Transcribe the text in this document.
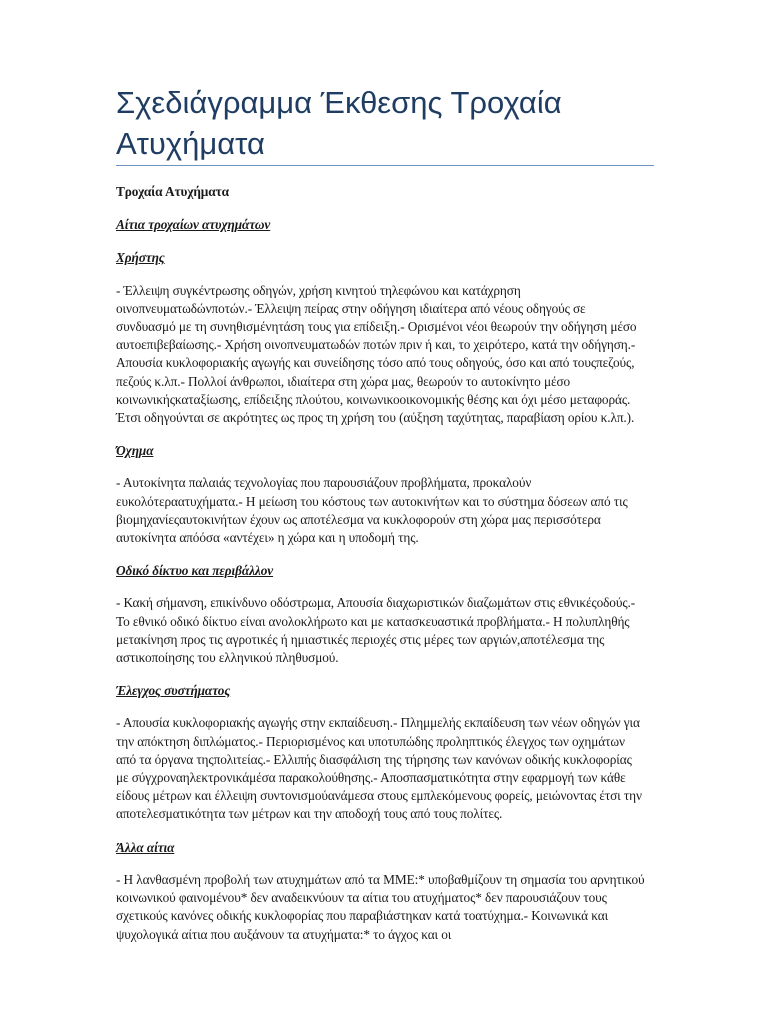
Σχεδιάγραμμα Έκθεσης Τροχαία Ατυχήματα

Τροχαία Ατυχήματα

Αίτια τροχαίων ατυχημάτων

Χρήστης

- Έλλειψη συγκέντρωσης οδηγών, χρήση κινητού τηλεφώνου και κατάχρηση οινοπνευματωδώνποτών.- Έλλειψη πείρας στην οδήγηση ιδιαίτερα από νέους οδηγούς σε συνδυασμό με τη συνηθισμένητάση τους για επίδειξη.- Ορισμένοι νέοι θεωρούν την οδήγηση μέσο αυτοεπιβεβαίωσης.- Χρήση οινοπνευματωδών ποτών πριν ή και, το χειρότερο, κατά την οδήγηση.- Απουσία κυκλοφοριακής αγωγής και συνείδησης τόσο από τους οδηγούς, όσο και από τουςπεζούς, πεζούς κ.λπ.- Πολλοί άνθρωποι, ιδιαίτερα στη χώρα μας, θεωρούν το αυτοκίνητο μέσο κοινωνικήςκαταξίωσης, επίδειξης πλούτου, κοινωνικοοικονομικής θέσης και όχι μέσο μεταφοράς. Έτσι οδηγούνται σε ακρότητες ως προς τη χρήση του (αύξηση ταχύτητας, παραβίαση ορίου κ.λπ.).

Όχημα

- Αυτοκίνητα παλαιάς τεχνολογίας που παρουσιάζουν προβλήματα, προκαλούν ευκολότεραατυχήματα.- Η μείωση του κόστους των αυτοκινήτων και το σύστημα δόσεων από τις βιομηχανίεςαυτοκινήτων έχουν ως αποτέλεσμα να κυκλοφορούν στη χώρα μας περισσότερα αυτοκίνητα απόόσα «αντέχει» η χώρα και η υποδομή της.

Οδικό δίκτυο και περιβάλλον

- Κακή σήμανση, επικίνδυνο οδόστρωμα, Απουσία διαχωριστικών διαζωμάτων στις εθνικέςοδούς.- Το εθνικό οδικό δίκτυο είναι ανολοκλήρωτο και με κατασκευαστικά προβλήματα.- Η πολυπληθής μετακίνηση προς τις αγροτικές ή ημιαστικές περιοχές στις μέρες των αργιών,αποτέλεσμα της αστικοποίησης του ελληνικού πληθυσμού.

Έλεγχος συστήματος

- Απουσία κυκλοφοριακής αγωγής στην εκπαίδευση.- Πλημμελής εκπαίδευση των νέων οδηγών για την απόκτηση διπλώματος.- Περιορισμένος και υποτυπώδης προληπτικός έλεγχος των οχημάτων από τα όργανα τηςπολιτείας.- Ελλιπής διασφάλιση της τήρησης των κανόνων οδικής κυκλοφορίας με σύγχροναηλεκτρονικάμέσα παρακολούθησης.- Αποσπασματικότητα στην εφαρμογή των κάθε είδους μέτρων και έλλειψη συντονισμούανάμεσα στους εμπλεκόμενους φορείς, μειώνοντας έτσι την αποτελεσματικότητα των μέτρων και την αποδοχή τους από τους πολίτες.

Άλλα αίτια

- Η λανθασμένη προβολή των ατυχημάτων από τα ΜΜΕ:* υποβαθμίζουν τη σημασία του αρνητικού κοινωνικού φαινομένου* δεν αναδεικνύουν τα αίτια του ατυχήματος* δεν παρουσιάζουν τους σχετικούς κανόνες οδικής κυκλοφορίας που παραβιάστηκαν κατά τοατύχημα.- Κοινωνικά και ψυχολογικά αίτια που αυξάνουν τα ατυχήματα:* το άγχος και οι
